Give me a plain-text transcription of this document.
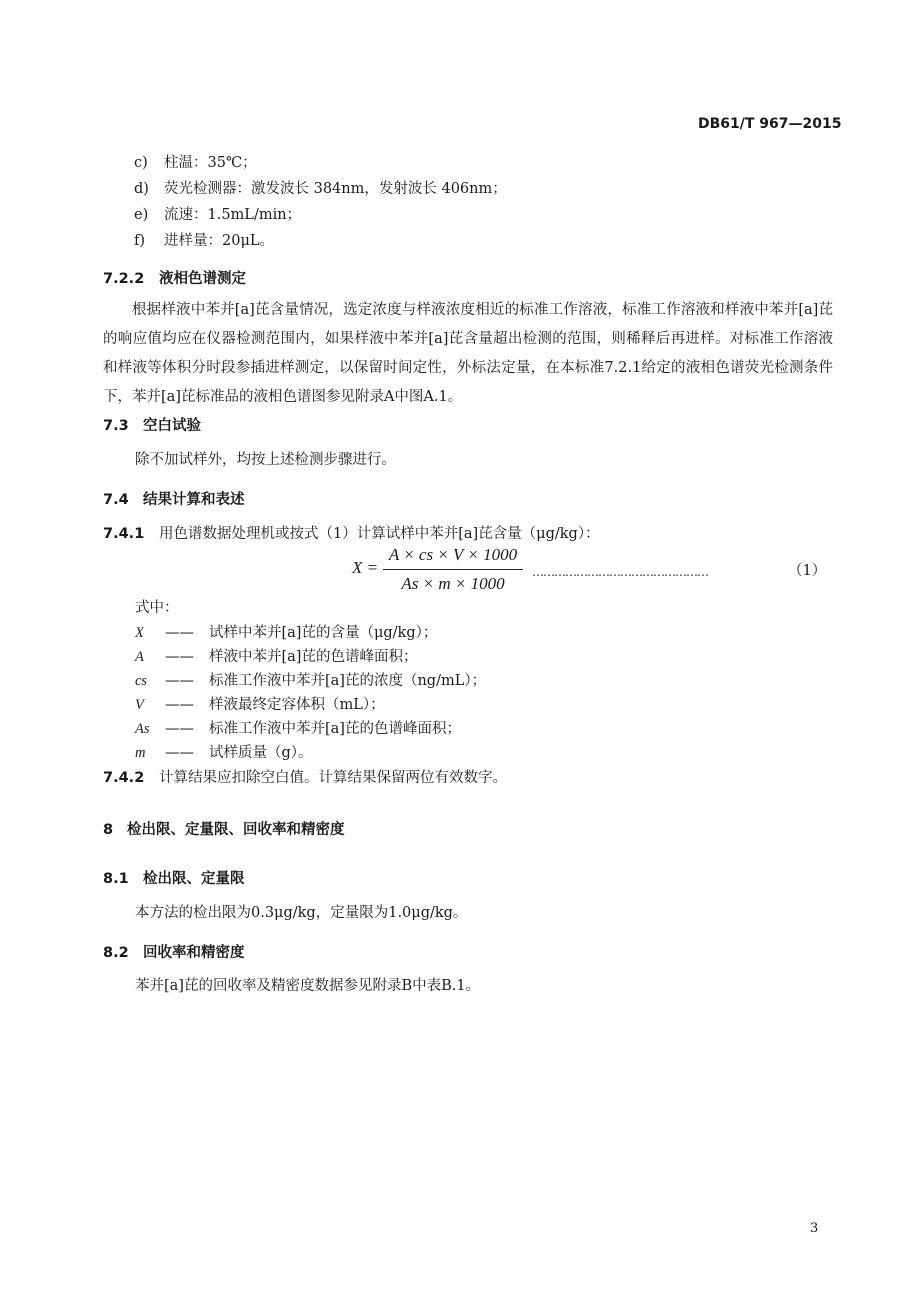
DB61/T 967—2015
c) 柱温：35℃；
d) 荧光检测器：激发波长 384nm，发射波长 406nm；
e) 流速：1.5mL/min；
f) 进样量：20μL。
7.2.2 液相色谱测定
根据样液中苯并[a]芘含量情况，选定浓度与样液浓度相近的标准工作溶液，标准工作溶液和样液中苯并[a]芘的响应值均应在仪器检测范围内，如果样液中苯并[a]芘含量超出检测的范围，则稀释后再进样。对标准工作溶液和样液等体积分时段参插进样测定，以保留时间定性，外标法定量，在本标准7.2.1给定的液相色谱荧光检测条件下，苯并[a]芘标准品的液相色谱图参见附录A中图A.1。
7.3 空白试验
除不加试样外，均按上述检测步骤进行。
7.4 结果计算和表述
7.4.1 用色谱数据处理机或按式（1）计算试样中苯并[a]芘含量（μg/kg）：
X =
A × cs × V × 1000
As × m × 1000
…………………………………………	（1）
式中：
X —— 试样中苯并[a]芘的含量（μg/kg）；
A —— 样液中苯并[a]芘的色谱峰面积；
cs —— 标准工作液中苯并[a]芘的浓度（ng/mL）；
V —— 样液最终定容体积（mL）；
As —— 标准工作液中苯并[a]芘的色谱峰面积；
m —— 试样质量（g）。
7.4.2 计算结果应扣除空白值。计算结果保留两位有效数字。
8 检出限、定量限、回收率和精密度
8.1 检出限、定量限
本方法的检出限为0.3μg/kg，定量限为1.0μg/kg。
8.2 回收率和精密度
苯并[a]芘的回收率及精密度数据参见附录B中表B.1。
3
